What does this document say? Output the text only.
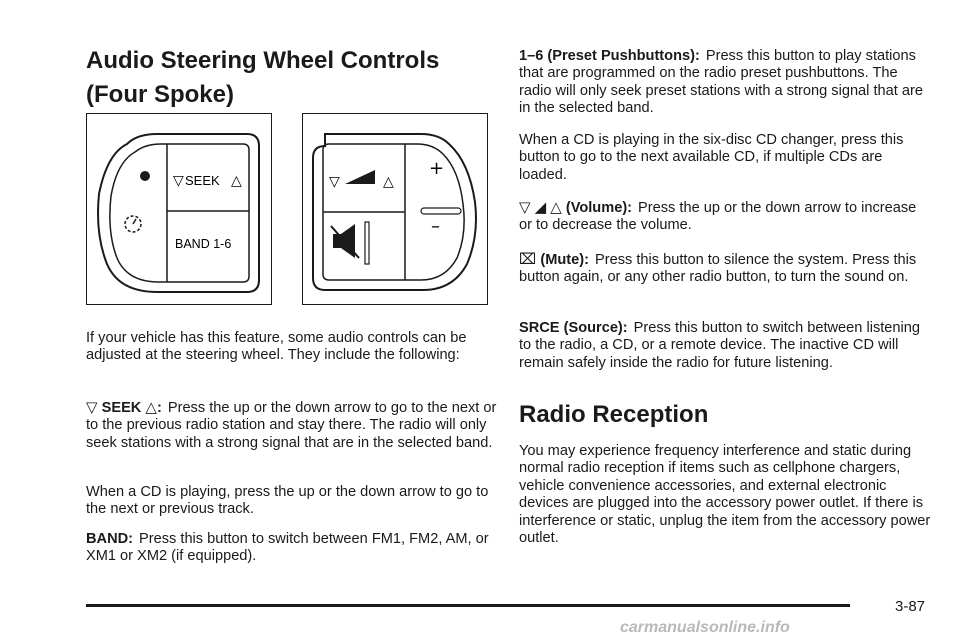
Audio Steering Wheel Controls
(Four Spoke)
▽ SEEK △
BAND 1-6
▽	△
+
–

If your vehicle has this feature, some audio controls can be adjusted at the steering wheel. They include the following:

▽ SEEK △: Press the up or the down arrow to go to the next or to the previous radio station and stay there. The radio will only seek stations with a strong signal that are in the selected band.

When a CD is playing, press the up or the down arrow to go to the next or previous track.

BAND: Press this button to switch between FM1, FM2, AM, or XM1 or XM2 (if equipped).

1–6 (Preset Pushbuttons): Press this button to play stations that are programmed on the radio preset pushbuttons. The radio will only seek preset stations with a strong signal that are in the selected band.

When a CD is playing in the six-disc CD changer, press this button to go to the next available CD, if multiple CDs are loaded.

▽ ◢ △ (Volume): Press the up or the down arrow to increase or to decrease the volume.

⌧ (Mute): Press this button to silence the system. Press this button again, or any other radio button, to turn the sound on.

SRCE (Source): Press this button to switch between listening to the radio, a CD, or a remote device. The inactive CD will remain safely inside the radio for future listening.

Radio Reception

You may experience frequency interference and static during normal radio reception if items such as cellphone chargers, vehicle convenience accessories, and external electronic devices are plugged into the accessory power outlet. If there is interference or static, unplug the item from the accessory power outlet.

3-87
carmanualsonline.info
